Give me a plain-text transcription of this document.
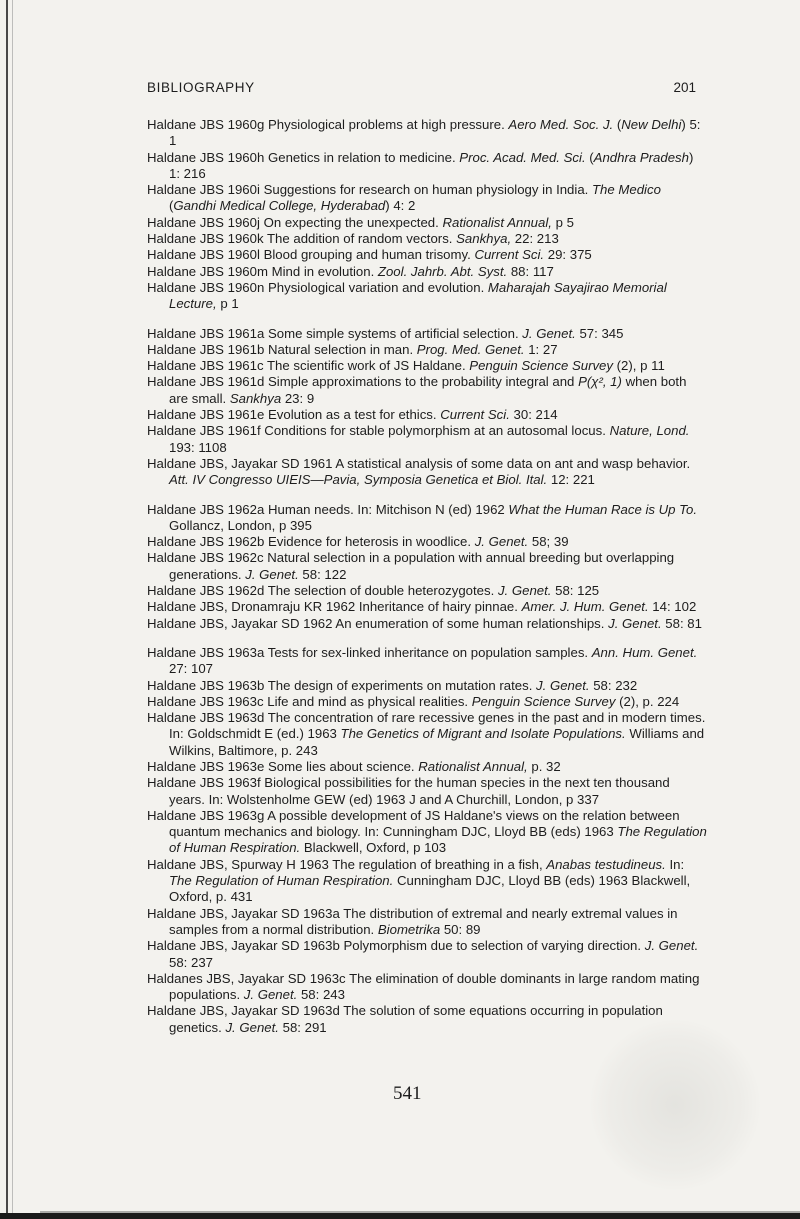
BIBLIOGRAPHY	201
Haldane JBS 1960g Physiological problems at high pressure. Aero Med. Soc. J. (New Delhi) 5: 1
Haldane JBS 1960h Genetics in relation to medicine. Proc. Acad. Med. Sci. (Andhra Pradesh) 1: 216
Haldane JBS 1960i Suggestions for research on human physiology in India. The Medico (Gandhi Medical College, Hyderabad) 4: 2
Haldane JBS 1960j On expecting the unexpected. Rationalist Annual, p 5
Haldane JBS 1960k The addition of random vectors. Sankhya, 22: 213
Haldane JBS 1960l Blood grouping and human trisomy. Current Sci. 29: 375
Haldane JBS 1960m Mind in evolution. Zool. Jahrb. Abt. Syst. 88: 117
Haldane JBS 1960n Physiological variation and evolution. Maharajah Sayajirao Memorial Lecture, p 1
Haldane JBS 1961a Some simple systems of artificial selection. J. Genet. 57: 345
Haldane JBS 1961b Natural selection in man. Prog. Med. Genet. 1: 27
Haldane JBS 1961c The scientific work of JS Haldane. Penguin Science Survey (2), p 11
Haldane JBS 1961d Simple approximations to the probability integral and P(χ², 1) when both are small. Sankhya 23: 9
Haldane JBS 1961e Evolution as a test for ethics. Current Sci. 30: 214
Haldane JBS 1961f Conditions for stable polymorphism at an autosomal locus. Nature, Lond. 193: 1108
Haldane JBS, Jayakar SD 1961 A statistical analysis of some data on ant and wasp behavior. Att. IV Congresso UIEIS—Pavia, Symposia Genetica et Biol. Ital. 12: 221
Haldane JBS 1962a Human needs. In: Mitchison N (ed) 1962 What the Human Race is Up To. Gollancz, London, p 395
Haldane JBS 1962b Evidence for heterosis in woodlice. J. Genet. 58; 39
Haldane JBS 1962c Natural selection in a population with annual breeding but overlapping generations. J. Genet. 58: 122
Haldane JBS 1962d The selection of double heterozygotes. J. Genet. 58: 125
Haldane JBS, Dronamraju KR 1962 Inheritance of hairy pinnae. Amer. J. Hum. Genet. 14: 102
Haldane JBS, Jayakar SD 1962 An enumeration of some human relationships. J. Genet. 58: 81
Haldane JBS 1963a Tests for sex-linked inheritance on population samples. Ann. Hum. Genet. 27: 107
Haldane JBS 1963b The design of experiments on mutation rates. J. Genet. 58: 232
Haldane JBS 1963c Life and mind as physical realities. Penguin Science Survey (2), p. 224
Haldane JBS 1963d The concentration of rare recessive genes in the past and in modern times. In: Goldschmidt E (ed.) 1963 The Genetics of Migrant and Isolate Populations. Williams and Wilkins, Baltimore, p. 243
Haldane JBS 1963e Some lies about science. Rationalist Annual, p. 32
Haldane JBS 1963f Biological possibilities for the human species in the next ten thousand years. In: Wolstenholme GEW (ed) 1963 J and A Churchill, London, p 337
Haldane JBS 1963g A possible development of JS Haldane's views on the relation between quantum mechanics and biology. In: Cunningham DJC, Lloyd BB (eds) 1963 The Regulation of Human Respiration. Blackwell, Oxford, p 103
Haldane JBS, Spurway H 1963 The regulation of breathing in a fish, Anabas testudineus. In: The Regulation of Human Respiration. Cunningham DJC, Lloyd BB (eds) 1963 Blackwell, Oxford, p. 431
Haldane JBS, Jayakar SD 1963a The distribution of extremal and nearly extremal values in samples from a normal distribution. Biometrika 50: 89
Haldane JBS, Jayakar SD 1963b Polymorphism due to selection of varying direction. J. Genet. 58: 237
Haldanes JBS, Jayakar SD 1963c The elimination of double dominants in large random mating populations. J. Genet. 58: 243
Haldane JBS, Jayakar SD 1963d The solution of some equations occurring in population genetics. J. Genet. 58: 291

541
